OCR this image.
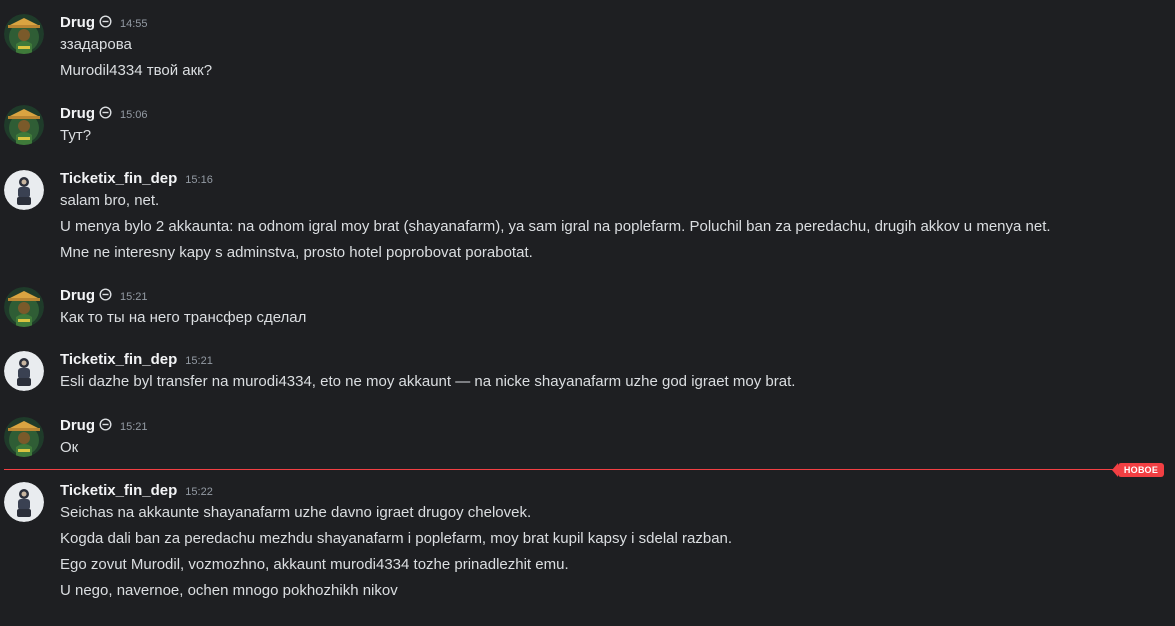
Drug 14:55
ззадарова
Murodil4334 твой акк?
Drug 15:06
Тут?
Ticketix_fin_dep 15:16
salam bro, net.
U menya bylo 2 akkaunta: na odnom igral moy brat (shayanafarm), ya sam igral na poplefarm. Poluchil ban za peredachu, drugih akkov u menya net.
Mne ne interesny kapy s adminstva, prosto hotel poprobovat porabotat.
Drug 15:21
Как то ты на него трансфер сделал
Ticketix_fin_dep 15:21
Esli dazhe byl transfer na murodi4334, eto ne moy akkaunt — na nicke shayanafarm uzhe god igraet moy brat.
Drug 15:21
Ок
НОВОЕ
Ticketix_fin_dep 15:22
Seichas na akkaunte shayanafarm uzhe davno igraet drugoy chelovek.
Kogda dali ban za peredachu mezhdu shayanafarm i poplefarm, moy brat kupil kapsy i sdelal razban.
Ego zovut Murodil, vozmozhno, akkaunt murodi4334 tozhe prinadlezhit emu.
U nego, navernoe, ochen mnogo pokhozhikh nikov
